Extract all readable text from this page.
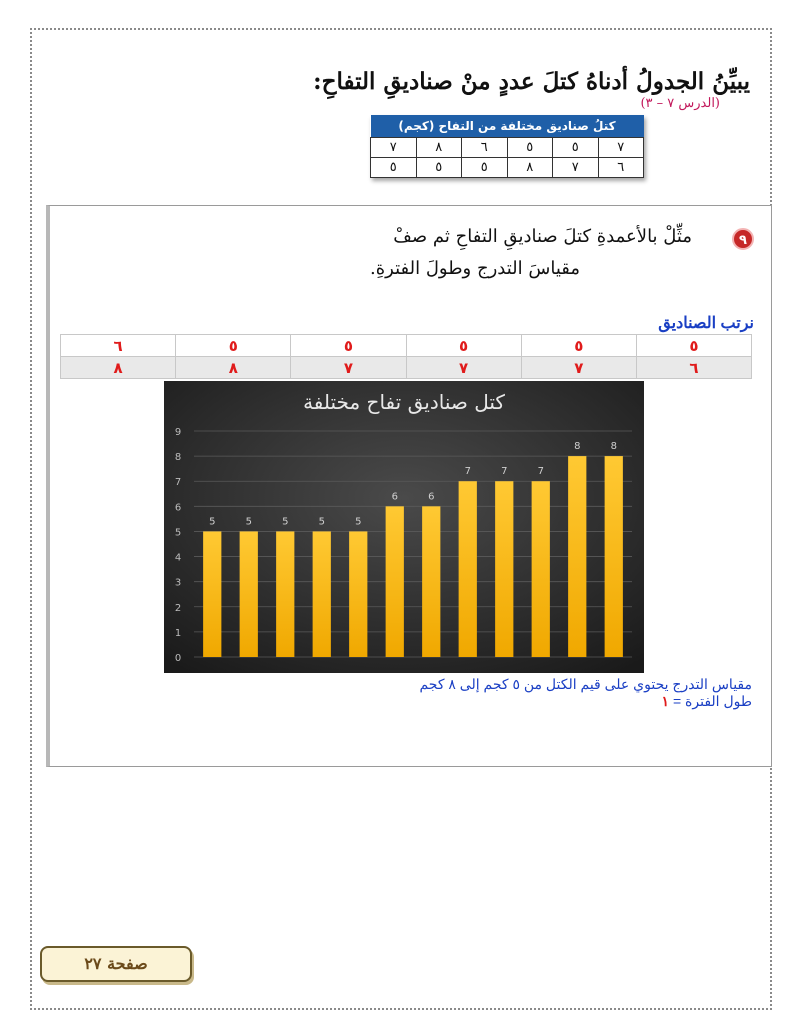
يبيِّنُ الجدولُ أدناهُ كتلَ عددٍ منْ صناديقِ التفاحِ:
(الدرس ٧ – ٣)
كتلُ صناديق مختلفة من التفاح (كجم)					
٧	٥	٥	٦	٨	٧
٦	٧	٨	٥	٥	٥
٩
مثِّلْ بالأعمدةِ كتلَ صناديقِ التفاحِ ثم صفْ
مقياسَ التدرج وطولَ الفترةِ.
نرتب الصناديق
٥	٥	٥	٥	٥	٦
٦	٧	٧	٧	٨	٨
كتل صناديق تفاح مختلفة
0
1
2
3
4
5
6
7
8
9
5	5	5	5	5
6	6
7	7	7
8	8
مقياس التدرج يحتوي على قيم الكتل من ٥ كجم إلى ٨ كجم
طول الفترة = ١
صفحة ٢٧
